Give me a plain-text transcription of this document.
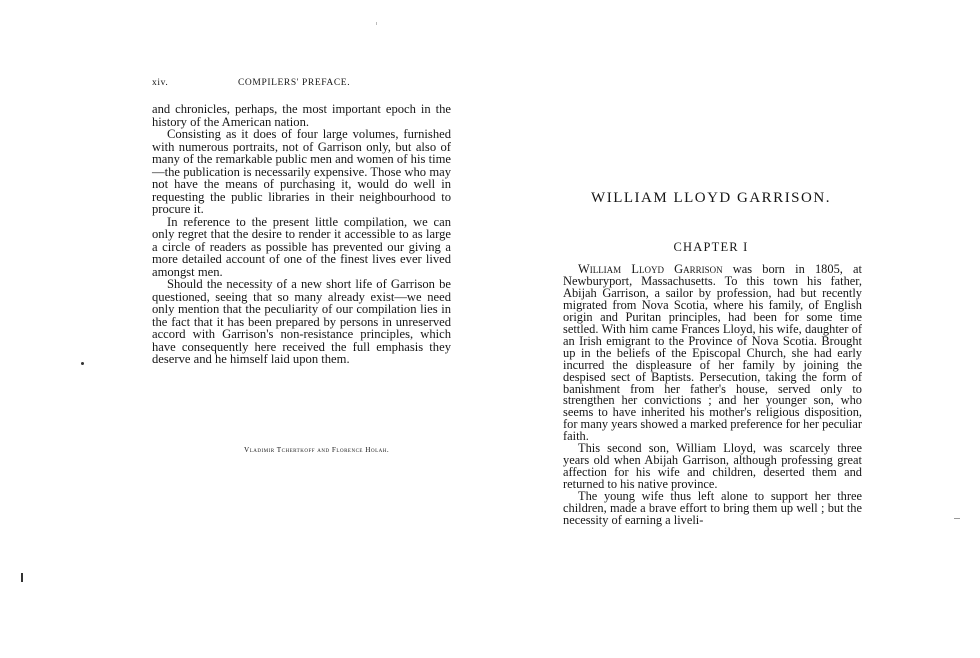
xiv.	COMPILERS' PREFACE.

and chronicles, perhaps, the most important epoch in the history of the American nation.

Consisting as it does of four large volumes, furnished with numerous portraits, not of Garrison only, but also of many of the remarkable public men and women of his time—the publication is necessarily expensive. Those who may not have the means of purchasing it, would do well in requesting the public libraries in their neighbourhood to procure it.

In reference to the present little compilation, we can only regret that the desire to render it accessible to as large a circle of readers as possible has prevented our giving a more detailed account of one of the finest lives ever lived amongst men.

Should the necessity of a new short life of Garrison be questioned, seeing that so many already exist—we need only mention that the peculiarity of our compilation lies in the fact that it has been prepared by persons in unreserved accord with Garrison's non-resistance principles, which have consequently here received the full emphasis they deserve and he himself laid upon them.

Vladimir Tchertkoff and Florence Holah.
WILLIAM LLOYD GARRISON.
CHAPTER I

William Lloyd Garrison was born in 1805, at Newburyport, Massachusetts. To this town his father, Abijah Garrison, a sailor by profession, had but recently migrated from Nova Scotia, where his family, of English origin and Puritan principles, had been for some time settled. With him came Frances Lloyd, his wife, daughter of an Irish emigrant to the Province of Nova Scotia. Brought up in the beliefs of the Episcopal Church, she had early incurred the displeasure of her family by joining the despised sect of Baptists. Persecution, taking the form of banishment from her father's house, served only to strengthen her convictions ; and her younger son, who seems to have inherited his mother's religious disposition, for many years showed a marked preference for her peculiar faith.

This second son, William Lloyd, was scarcely three years old when Abijah Garrison, although professing great affection for his wife and children, deserted them and returned to his native province.

The young wife thus left alone to support her three children, made a brave effort to bring them up well ; but the necessity of earning a liveli-
